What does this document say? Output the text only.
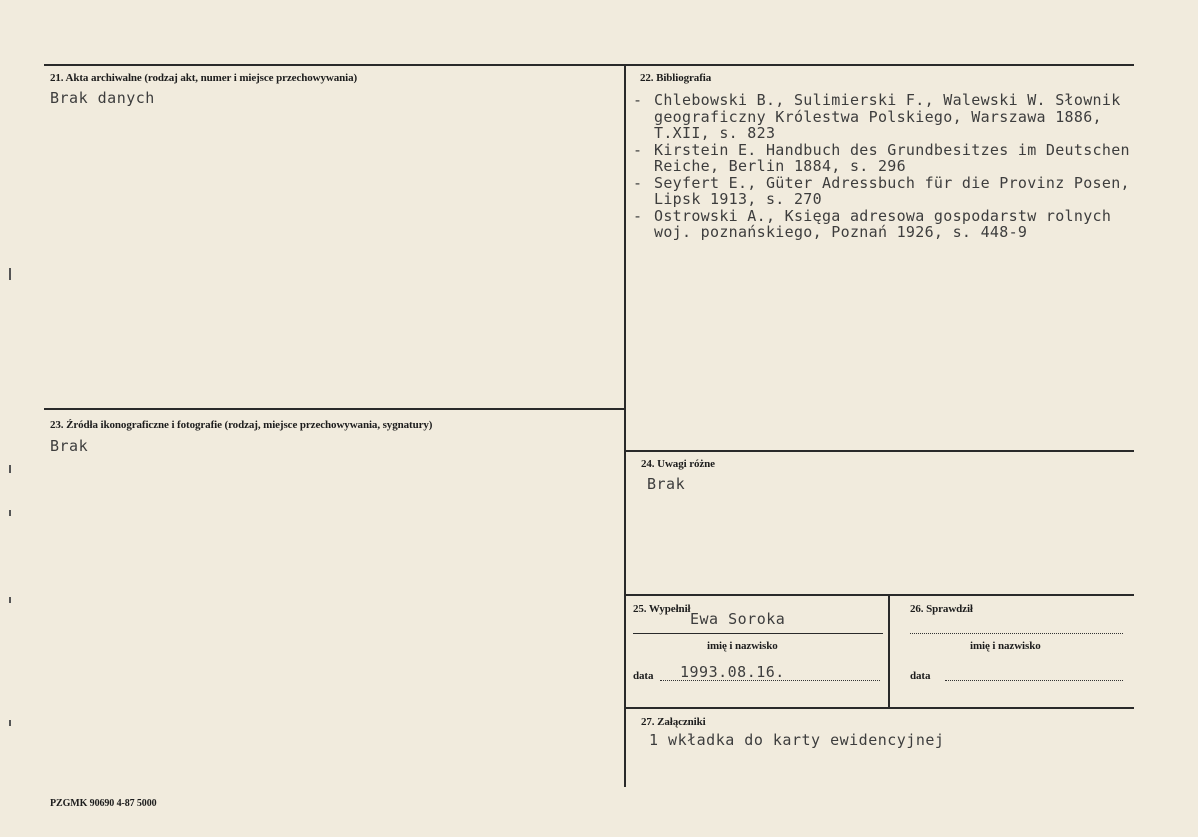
21. Akta archiwalne (rodzaj akt, numer i miejsce przechowywania)
Brak danych
22. Bibliografia
- Chlebowski B., Sulimierski F., Walewski W. Słownik
geograficzny Królestwa Polskiego, Warszawa 1886,
T.XII, s. 823
- Kirstein E. Handbuch des Grundbesitzes im Deutschen
Reiche, Berlin 1884, s. 296
- Seyfert E., Güter Adressbuch für die Provinz Posen,
Lipsk 1913, s. 270
- Ostrowski A., Księga adresowa gospodarstw rolnych
woj. poznańskiego, Poznań 1926, s. 448-9
23. Źródła ikonograficzne i fotografie (rodzaj, miejsce przechowywania, sygnatury)
Brak
24. Uwagi różne
Brak
25. Wypełnił
Ewa Soroka
imię i nazwisko
data 1993.08.16.
26. Sprawdził
imię i nazwisko
data
27. Załączniki
1 wkładka do karty ewidencyjnej
PZGMK 90690 4-87 5000
